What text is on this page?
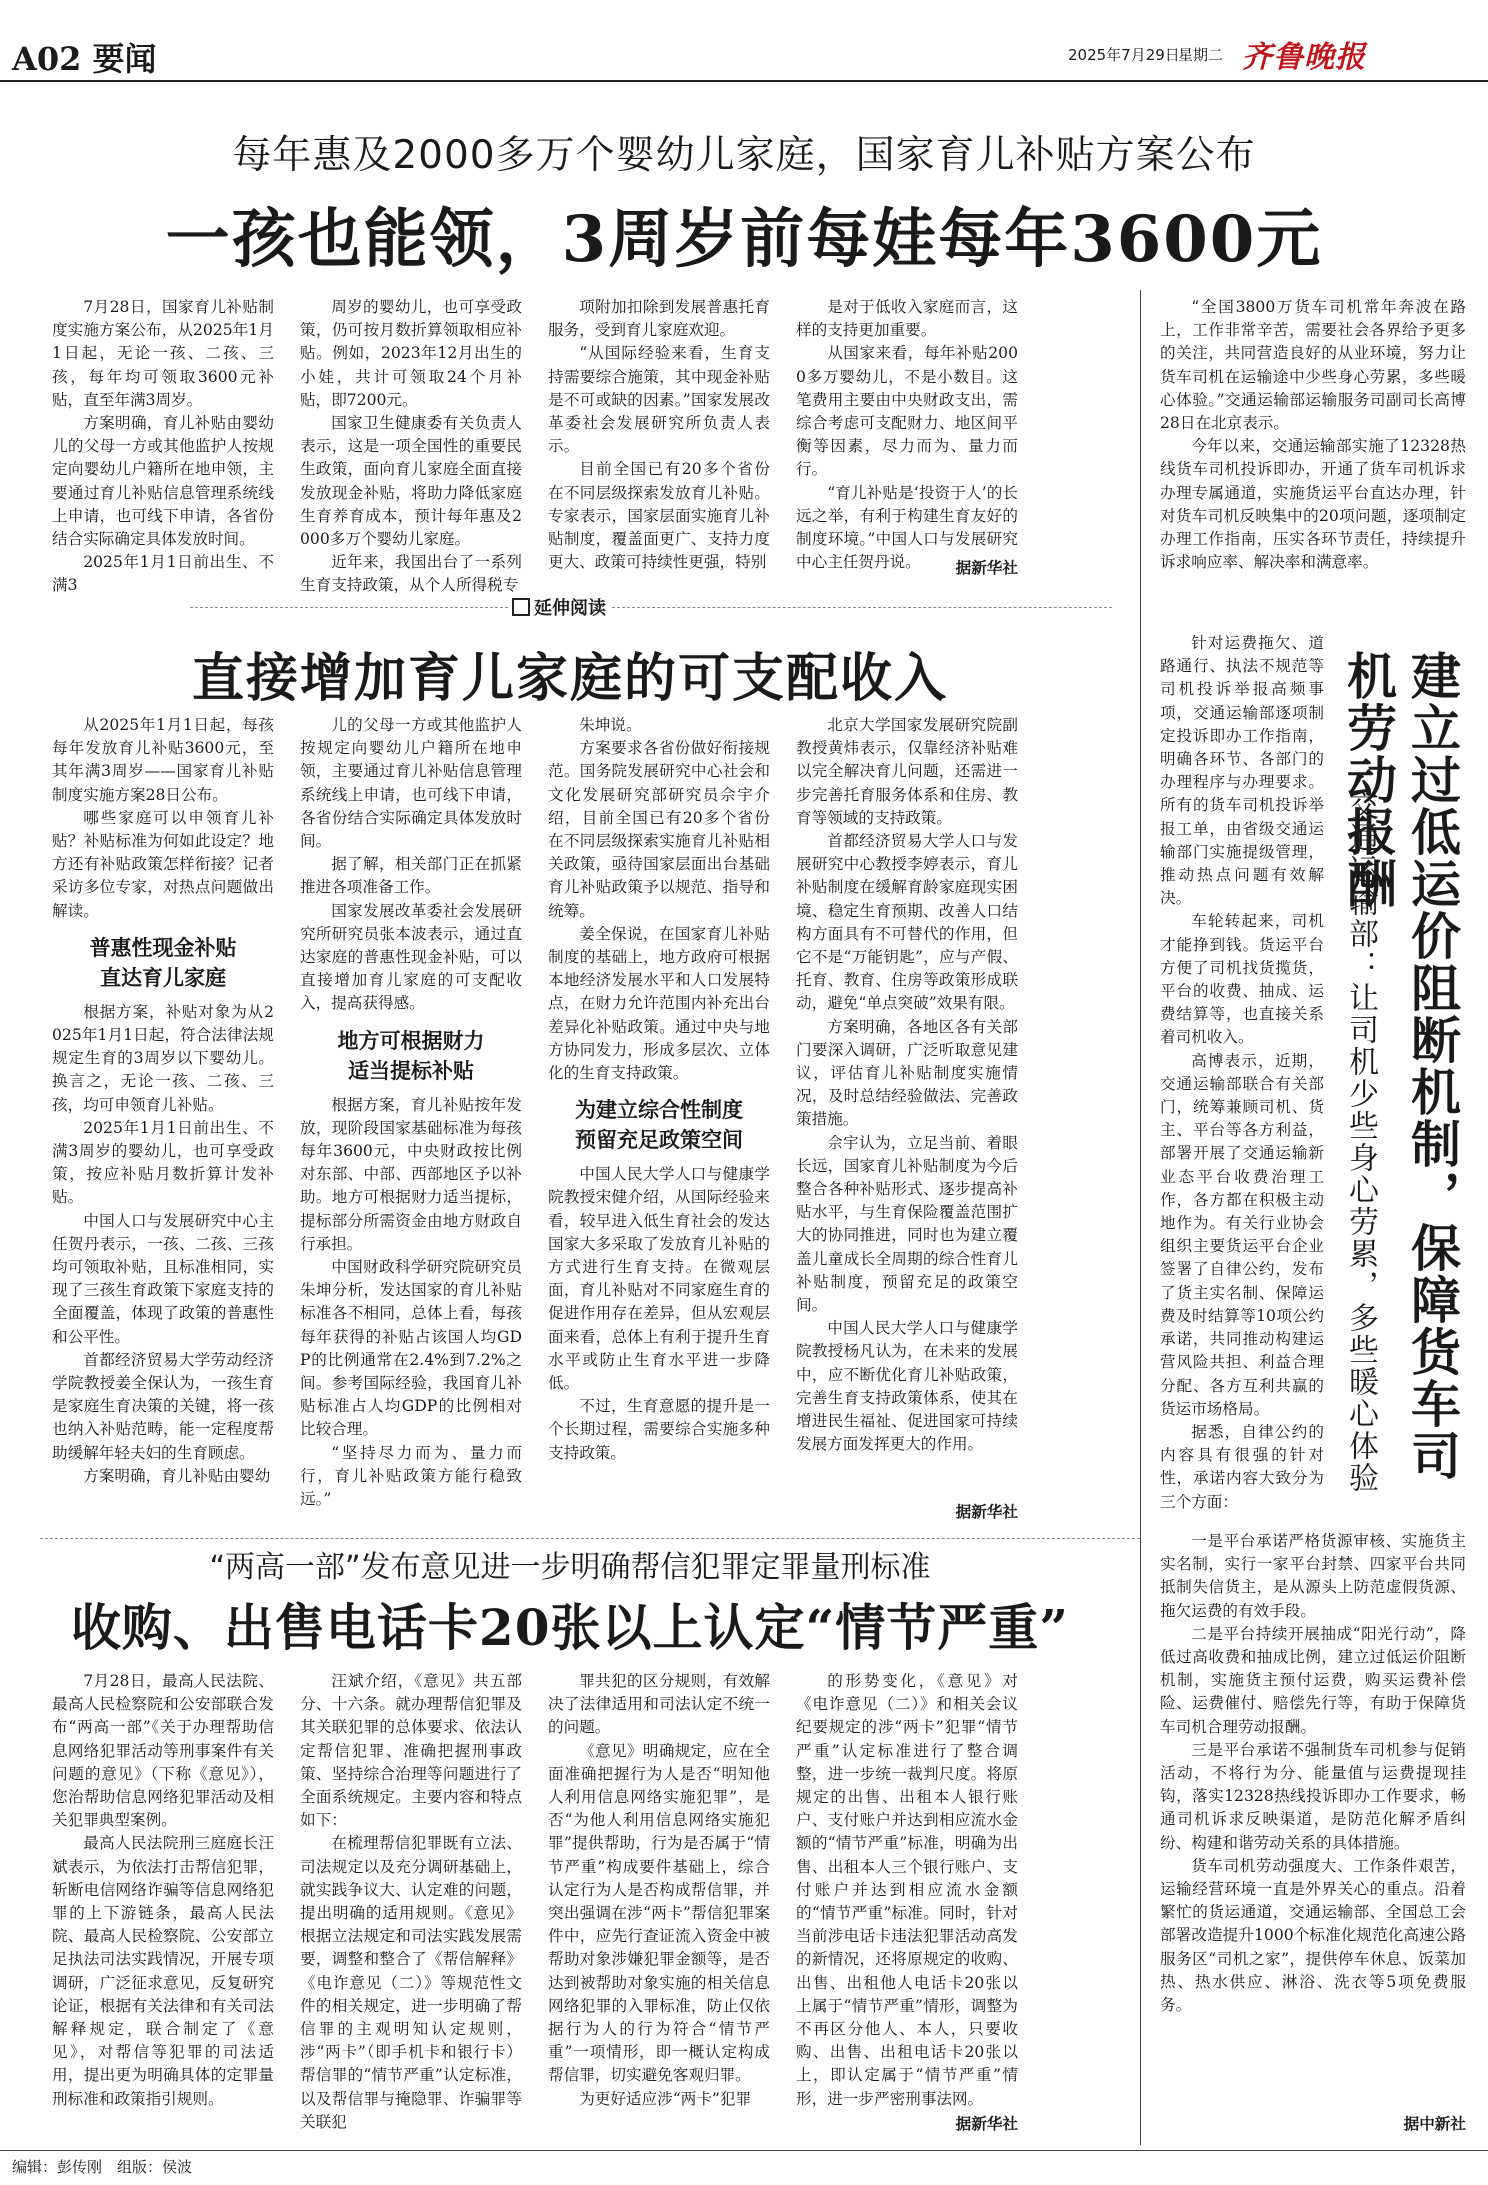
A02 要闻	2025年7月29日
星期二 齐鲁晚报
每年惠及2000多万个婴幼儿家庭，国家育儿补贴方案公布
一孩也能领，3周岁前每娃每年3600元

7月28日，国家育儿补贴制度实施方案公布，从2025年1月1日起，无论一孩、二孩、三孩，每年均可领取3600元补贴，直至年满3周岁。

方案明确，育儿补贴由婴幼儿的父母一方或其他监护人按规定向婴幼儿户籍所在地申领，主要通过育儿补贴信息管理系统线上申请，也可线下申请，各省份结合实际确定具体发放时间。

2025年1月1日前出生、不满3

周岁的婴幼儿，也可享受政策，仍可按月数折算领取相应补贴。例如，2023年12月出生的小娃，共计可领取24个月补贴，即7200元。

国家卫生健康委有关负责人表示，这是一项全国性的重要民生政策，面向育儿家庭全面直接发放现金补贴，将助力降低家庭生育养育成本，预计每年惠及2000多万个婴幼儿家庭。

近年来，我国出台了一系列生育支持政策，从个人所得税专

项附加扣除到发展普惠托育服务，受到育儿家庭欢迎。

“从国际经验来看，生育支持需要综合施策，其中现金补贴是不可或缺的因素。”国家发展改革委社会发展研究所负责人表示。

目前全国已有20多个省份在不同层级探索发放育儿补贴。专家表示，国家层面实施育儿补贴制度，覆盖面更广、支持力度更大、政策可持续性更强，特别

是对于低收入家庭而言，这样的支持更加重要。

从国家来看，每年补贴2000多万婴幼儿，不是小数目。这笔费用主要由中央财政支出，需综合考虑可支配财力、地区间平衡等因素，尽力而为、量力而行。

“育儿补贴是‘投资于人’的长远之举，有利于构建生育友好的制度环境。”中国人口与发展研究中心主任贺丹说。	据新华社
延伸阅读
直接增加育儿家庭的可支配收入

从2025年1月1日起，每孩每年发放育儿补贴3600元，至其年满3周岁——国家育儿补贴制度实施方案28日公布。

哪些家庭可以申领育儿补贴？补贴标准为何如此设定？地方还有补贴政策怎样衔接？记者采访多位专家，对热点问题做出解读。

普惠性现金补贴
直达育儿家庭

根据方案，补贴对象为从2025年1月1日起，符合法律法规规定生育的3周岁以下婴幼儿。换言之，无论一孩、二孩、三孩，均可申领育儿补贴。

2025年1月1日前出生、不满3周岁的婴幼儿，也可享受政策，按应补贴月数折算计发补贴。

中国人口与发展研究中心主任贺丹表示，一孩、二孩、三孩均可领取补贴，且标准相同，实现了三孩生育政策下家庭支持的全面覆盖，体现了政策的普惠性和公平性。

首都经济贸易大学劳动经济学院教授姜全保认为，一孩生育是家庭生育决策的关键，将一孩也纳入补贴范畴，能一定程度帮助缓解年轻夫妇的生育顾虑。

方案明确，育儿补贴由婴幼

儿的父母一方或其他监护人按规定向婴幼儿户籍所在地申领，主要通过育儿补贴信息管理系统线上申请，也可线下申请，各省份结合实际确定具体发放时间。

据了解，相关部门正在抓紧推进各项准备工作。

国家发展改革委社会发展研究所研究员张本波表示，通过直达家庭的普惠性现金补贴，可以直接增加育儿家庭的可支配收入，提高获得感。

地方可根据财力
适当提标补贴

根据方案，育儿补贴按年发放，现阶段国家基础标准为每孩每年3600元，中央财政按比例对东部、中部、西部地区予以补助。地方可根据财力适当提标，提标部分所需资金由地方财政自行承担。

中国财政科学研究院研究员朱坤分析，发达国家的育儿补贴标准各不相同，总体上看，每孩每年获得的补贴占该国人均GDP的比例通常在2.4%到7.2%之间。参考国际经验，我国育儿补贴标准占人均GDP的比例相对比较合理。

“坚持尽力而为、量力而行，育儿补贴政策方能行稳致远。”

朱坤说。

方案要求各省份做好衔接规范。国务院发展研究中心社会和文化发展研究部研究员佘宇介绍，目前全国已有20多个省份在不同层级探索实施育儿补贴相关政策，亟待国家层面出台基础育儿补贴政策予以规范、指导和统筹。

姜全保说，在国家育儿补贴制度的基础上，地方政府可根据本地经济发展水平和人口发展特点，在财力允许范围内补充出台差异化补贴政策。通过中央与地方协同发力，形成多层次、立体化的生育支持政策。

为建立综合性制度
预留充足政策空间

中国人民大学人口与健康学院教授宋健介绍，从国际经验来看，较早进入低生育社会的发达国家大多采取了发放育儿补贴的方式进行生育支持。在微观层面，育儿补贴对不同家庭生育的促进作用存在差异，但从宏观层面来看，总体上有利于提升生育水平或防止生育水平进一步降低。

不过，生育意愿的提升是一个长期过程，需要综合实施多种支持政策。

北京大学国家发展研究院副教授黄炜表示，仅靠经济补贴难以完全解决育儿问题，还需进一步完善托育服务体系和住房、教育等领域的支持政策。

首都经济贸易大学人口与发展研究中心教授李婷表示，育儿补贴制度在缓解育龄家庭现实困境、稳定生育预期、改善人口结构方面具有不可替代的作用，但它不是“万能钥匙”，应与产假、托育、教育、住房等政策形成联动，避免“单点突破”效果有限。

方案明确，各地区各有关部门要深入调研，广泛听取意见建议，评估育儿补贴制度实施情况，及时总结经验做法、完善政策措施。

佘宇认为，立足当前、着眼长远，国家育儿补贴制度为今后整合各种补贴形式、逐步提高补贴水平，与生育保险覆盖范围扩大的协同推进，同时也为建立覆盖儿童成长全周期的综合性育儿补贴制度，预留充足的政策空间。

中国人民大学人口与健康学院教授杨凡认为，在未来的发展中，应不断优化育儿补贴政策，完善生育支持政策体系，使其在增进民生福祉、促进国家可持续发展方面发挥更大的作用。

据新华社
“两高一部”发布意见进一步明确帮信犯罪定罪量刑标准
收购、出售电话卡20张以上认定“情节严重”

7月28日，最高人民法院、最高人民检察院和公安部联合发布“两高一部”《关于办理帮助信息网络犯罪活动等刑事案件有关问题的意见》（下称《意见》），您治帮助信息网络犯罪活动及相关犯罪典型案例。

最高人民法院刑三庭庭长汪斌表示，为依法打击帮信犯罪，斩断电信网络诈骗等信息网络犯罪的上下游链条，最高人民法院、最高人民检察院、公安部立足执法司法实践情况，开展专项调研，广泛征求意见，反复研究论证，根据有关法律和有关司法解释规定，联合制定了《意见》，对帮信等犯罪的司法适用，提出更为明确具体的定罪量刑标准和政策指引规则。

汪斌介绍，《意见》共五部分、十六条。就办理帮信犯罪及其关联犯罪的总体要求、依法认定帮信犯罪、准确把握刑事政策、坚持综合治理等问题进行了全面系统规定。主要内容和特点如下：

在梳理帮信犯罪既有立法、司法规定以及充分调研基础上，就实践争议大、认定难的问题，提出明确的适用规则。《意见》根据立法规定和司法实践发展需要，调整和整合了《帮信解释》《电诈意见（二）》等规范性文件的相关规定，进一步明确了帮信罪的主观明知认定规则，涉“两卡”（即手机卡和银行卡）帮信罪的“情节严重”认定标准，以及帮信罪与掩隐罪、诈骗罪等关联犯

罪共犯的区分规则，有效解决了法律适用和司法认定不统一的问题。

《意见》明确规定，应在全面准确把握行为人是否“明知他人利用信息网络实施犯罪”，是否“为他人利用信息网络实施犯罪”提供帮助，行为是否属于“情节严重”构成要件基础上，综合认定行为人是否构成帮信罪，并突出强调在涉“两卡”帮信犯罪案件中，应先行查证流入资金中被帮助对象涉嫌犯罪金额等，是否达到被帮助对象实施的相关信息网络犯罪的入罪标准，防止仅依据行为人的行为符合“情节严重”一项情形，即一概认定构成帮信罪，切实避免客观归罪。

为更好适应涉“两卡”犯罪

的形势变化，《意见》对《电诈意见（二）》和相关会议纪要规定的涉“两卡”犯罪“情节严重”认定标准进行了整合调整，进一步统一裁判尺度。将原规定的出售、出租本人银行账户、支付账户并达到相应流水金额的“情节严重”标准，明确为出售、出租本人三个银行账户、支付账户并达到相应流水金额的“情节严重”标准。同时，针对当前涉电话卡违法犯罪活动高发的新情况，还将原规定的收购、出售、出租他人电话卡20张以上属于“情节严重”情形，调整为不再区分他人、本人，只要收购、出售、出租电话卡20张以上，即认定属于“情节严重”情形，进一步严密刑事法网。

据新华社

“全国3800万货车司机常年奔波在路上，工作非常辛苦，需要社会各界给予更多的关注，共同营造良好的从业环境，努力让货车司机在运输途中少些身心劳累，多些暖心体验。”交通运输部运输服务司副司长高博28日在北京表示。

今年以来，交通运输部实施了12328热线货车司机投诉即办，开通了货车司机诉求办理专属通道，实施货运平台直达办理，针对货车司机反映集中的20项问题，逐项制定办理工作指南，压实各环节责任，持续提升诉求响应率、解决率和满意率。

针对运费拖欠、道路通行、执法不规范等司机投诉举报高频事项，交通运输部逐项制定投诉即办工作指南，明确各环节、各部门的办理程序与办理要求。所有的货车司机投诉举报工单，由省级交通运输部门实施提级管理，推动热点问题有效解决。

车轮转起来，司机才能挣到钱。货运平台方便了司机找货揽货，平台的收费、抽成、运费结算等，也直接关系着司机收入。

高博表示，近期，交通运输部联合有关部门，统筹兼顾司机、货主、平台等各方利益，部署开展了交通运输新业态平台收费治理工作，各方都在积极主动地作为。有关行业协会组织主要货运平台企业签署了自律公约，发布了货主实名制、保障运费及时结算等10项公约承诺，共同推动构建运营风险共担、利益合理分配、各方互利共赢的货运市场格局。

据悉，自律公约的内容具有很强的针对性，承诺内容大致分为三个方面：

建立过低运价阻断机制，保障货车司机劳动报酬
交通运输部：让司机少些身心劳累，多些暖心体验

一是平台承诺严格货源审核、实施货主实名制，实行一家平台封禁、四家平台共同抵制失信货主，是从源头上防范虚假货源、拖欠运费的有效手段。

二是平台持续开展抽成“阳光行动”，降低过高收费和抽成比例，建立过低运价阻断机制，实施货主预付运费，购买运费补偿险、运费催付、赔偿先行等，有助于保障货车司机合理劳动报酬。

三是平台承诺不强制货车司机参与促销活动，不将行为分、能量值与运费提现挂钩，落实12328热线投诉即办工作要求，畅通司机诉求反映渠道，是防范化解矛盾纠纷、构建和谐劳动关系的具体措施。

货车司机劳动强度大、工作条件艰苦，运输经营环境一直是外界关心的重点。沿着繁忙的货运通道，交通运输部、全国总工会部署改造提升1000个标准化规范化高速公路服务区“司机之家”，提供停车休息、饭菜加热、热水供应、淋浴、洗衣等5项免费服务。

据中新社
编辑：彭传刚　组版：侯波
